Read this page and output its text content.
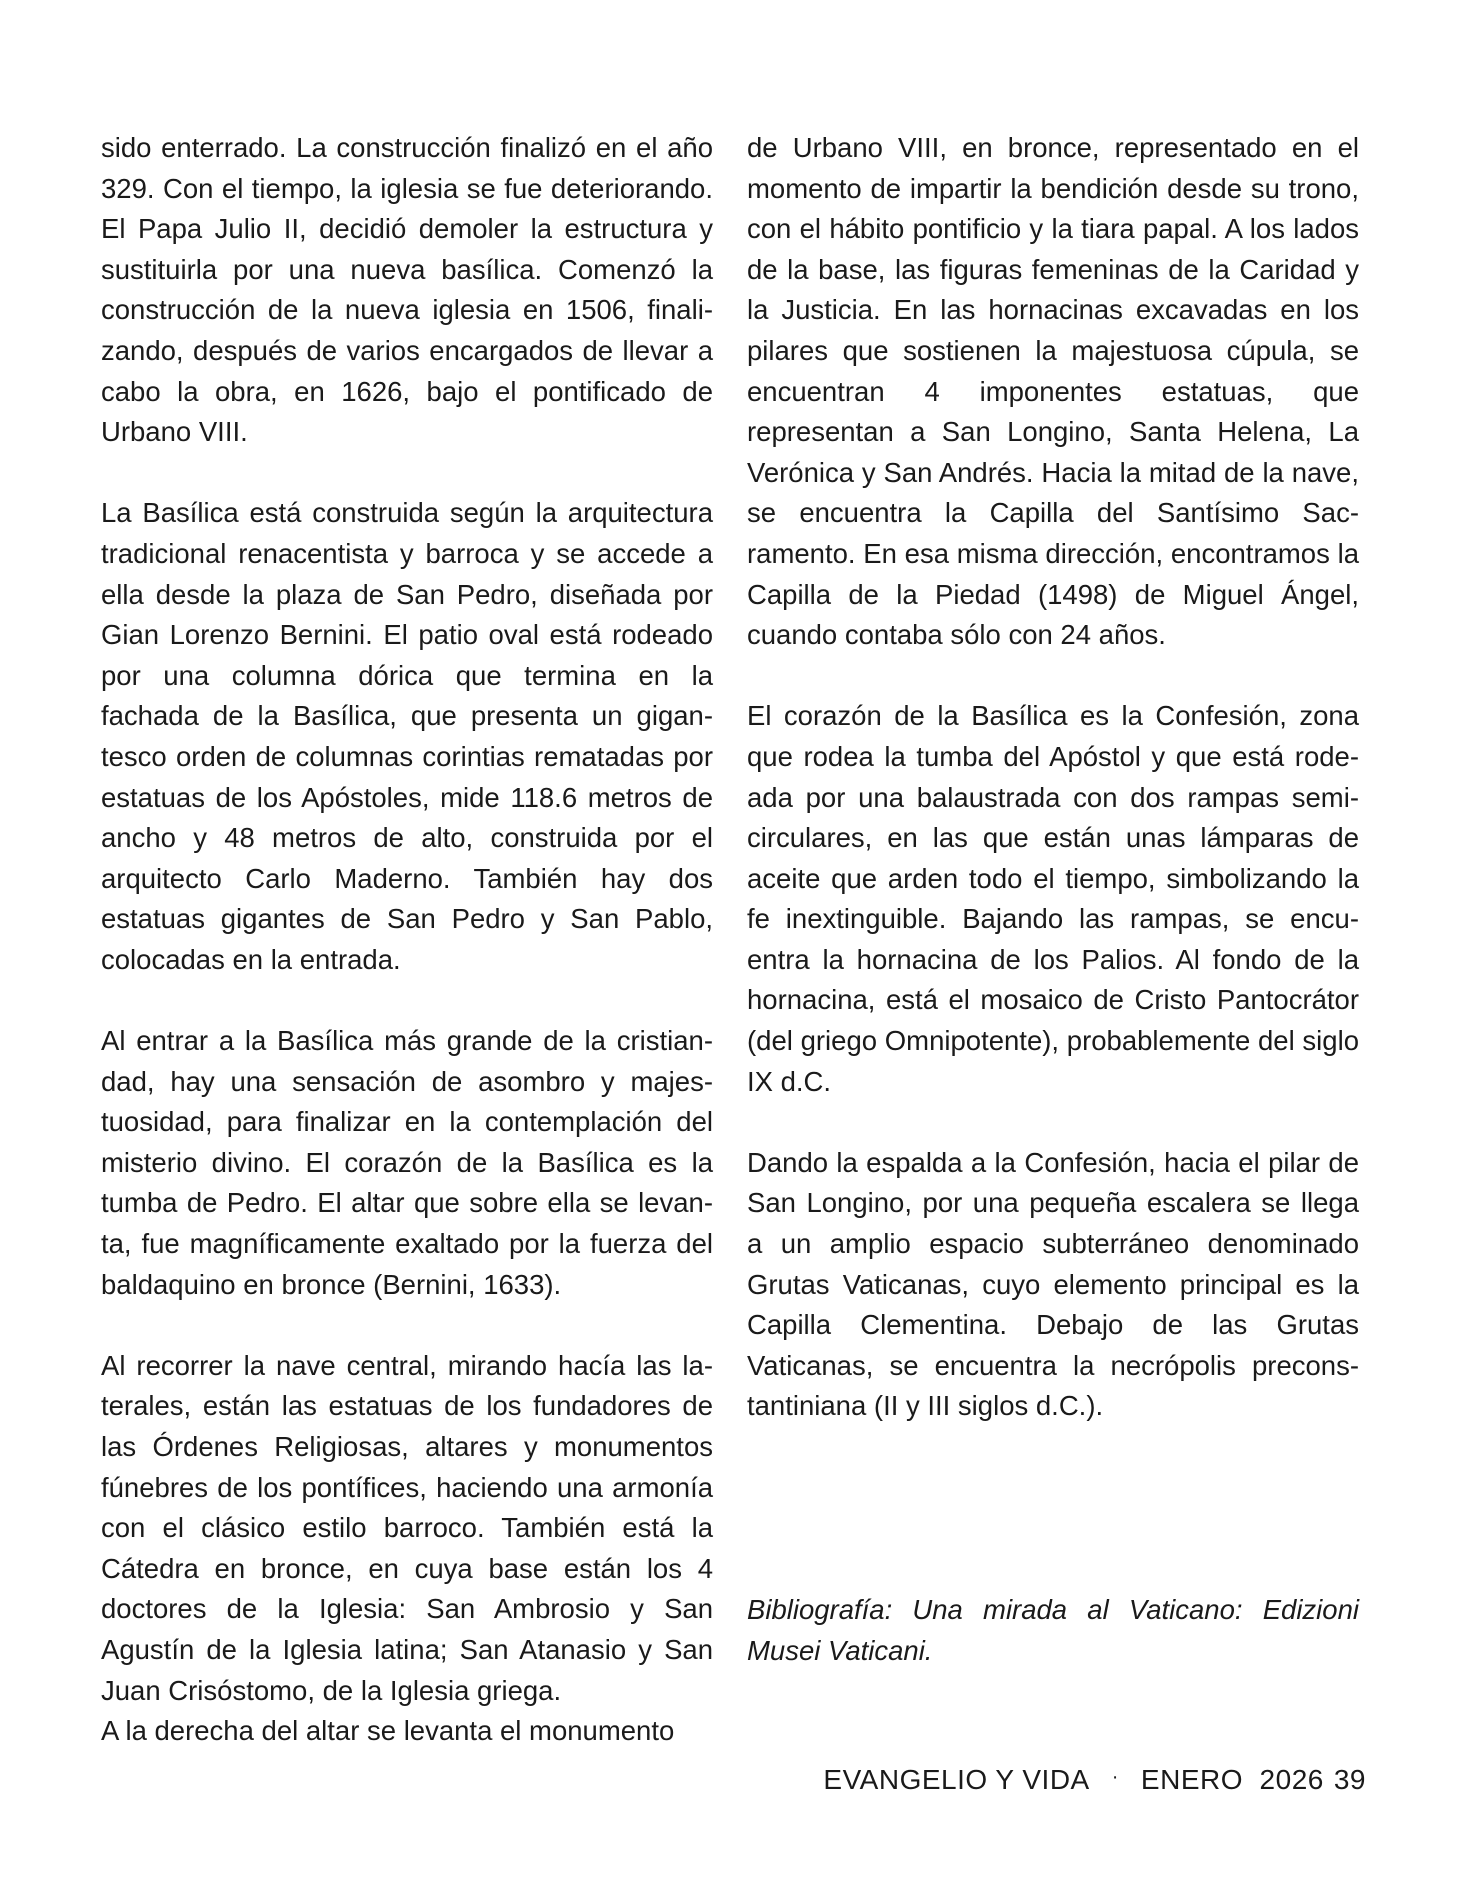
sido enterrado. La construcción finalizó en el año 329. Con el tiempo, la iglesia se fue deteriorando. El Papa Julio II, decidió demoler la estructura y sustituirla por una nueva basílica. Comenzó la construcción de la nueva iglesia en 1506, finalizando, después de varios encargados de llevar a cabo la obra, en 1626, bajo el pontificado de Urbano VIII.

La Basílica está construida según la arquitectura tradicional renacentista y barroca y se accede a ella desde la plaza de San Pedro, diseñada por Gian Lorenzo Bernini. El patio oval está rodeado por una columna dórica que termina en la fachada de la Basílica, que presenta un gigantesco orden de columnas corintias rematadas por estatuas de los Apóstoles, mide 118.6 metros de ancho y 48 metros de alto, construida por el arquitecto Carlo Maderno. También hay dos estatuas gigantes de San Pedro y San Pablo, colocadas en la entrada.

Al entrar a la Basílica más grande de la cristiandad, hay una sensación de asombro y majestuosidad, para finalizar en la contemplación del misterio divino. El corazón de la Basílica es la tumba de Pedro. El altar que sobre ella se levanta, fue magníficamente exaltado por la fuerza del baldaquino en bronce (Bernini, 1633).

Al recorrer la nave central, mirando hacía las laterales, están las estatuas de los fundadores de las Órdenes Religiosas, altares y monumentos fúnebres de los pontífices, haciendo una armonía con el clásico estilo barroco. También está la Cátedra en bronce, en cuya base están los 4 doctores de la Iglesia: San Ambrosio y San Agustín de la Iglesia latina; San Atanasio y San Juan Crisóstomo, de la Iglesia griega.

A la derecha del altar se levanta el monumento

de Urbano VIII, en bronce, representado en el momento de impartir la bendición desde su trono, con el hábito pontificio y la tiara papal. A los lados de la base, las figuras femeninas de la Caridad y la Justicia. En las hornacinas excavadas en los pilares que sostienen la majestuosa cúpula, se encuentran 4 imponentes estatuas, que representan a San Longino, Santa Helena, La Verónica y San Andrés. Hacia la mitad de la nave, se encuentra la Capilla del Santísimo Sacramento. En esa misma dirección, encontramos la Capilla de la Piedad (1498) de Miguel Ángel, cuando contaba sólo con 24 años.

El corazón de la Basílica es la Confesión, zona que rodea la tumba del Apóstol y que está rodeada por una balaustrada con dos rampas semicirculares, en las que están unas lámparas de aceite que arden todo el tiempo, simbolizando la fe inextinguible. Bajando las rampas, se encuentra la hornacina de los Palios. Al fondo de la hornacina, está el mosaico de Cristo Pantocrátor (del griego Omnipotente), probablemente del siglo IX d.C.

Dando la espalda a la Confesión, hacia el pilar de San Longino, por una pequeña escalera se llega a un amplio espacio subterráneo denominado Grutas Vaticanas, cuyo elemento principal es la Capilla Clementina. Debajo de las Grutas Vaticanas, se encuentra la necrópolis preconstantiniana (II y III siglos d.C.).

Bibliografía: Una mirada al Vaticano: Edizioni Musei Vaticani.

EVANGELIO Y VIDA · ENERO  2026 39
